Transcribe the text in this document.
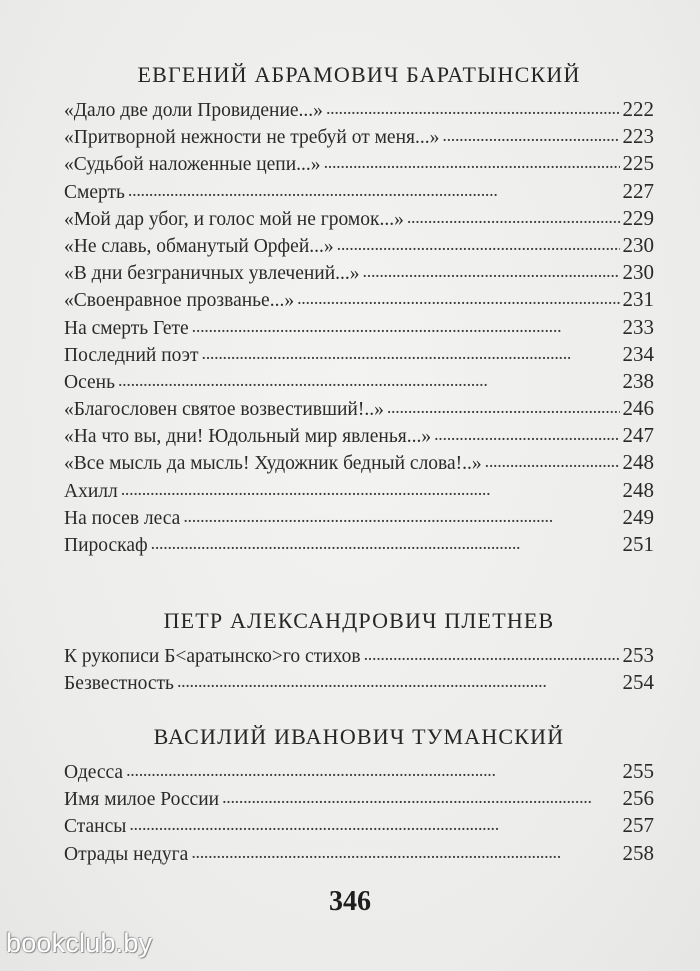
ЕВГЕНИЙ АБРАМОВИЧ БАРАТЫНСКИЙ
«Дало две доли Провидение...» . . .	222
«Притворной нежности не требуй от меня...» . . .	223
«Судьбой наложенные цепи...» . . .	225
Смерть . . .	227
«Мой дар убог, и голос мой не громок...» . . .	229
«Не славь, обманутый Орфей...» . . .	230
«В дни безграничных увлечений...» . . .	230
«Своенравное прозванье...» . . .	231
На смерть Гете . . .	233
Последний поэт . . .	234
Осень . . .	238
«Благословен святое возвестивший!..» . . .	246
«На что вы, дни! Юдольный мир явленья...» . . .	247
«Все мысль да мысль! Художник бедный слова!..» . . .	248
Ахилл . . .	248
На посев леса . . .	249
Пироскаф . . .	251
ПЕТР АЛЕКСАНДРОВИЧ ПЛЕТНЕВ
К рукописи Б<аратынско>го стихов . . .	253
Безвестность . . .	254
ВАСИЛИЙ ИВАНОВИЧ ТУМАНСКИЙ
Одесса . . .	255
Имя милое России . . .	256
Стансы . . .	257
Отрады недуга . . .	258
346
bookclub.by
